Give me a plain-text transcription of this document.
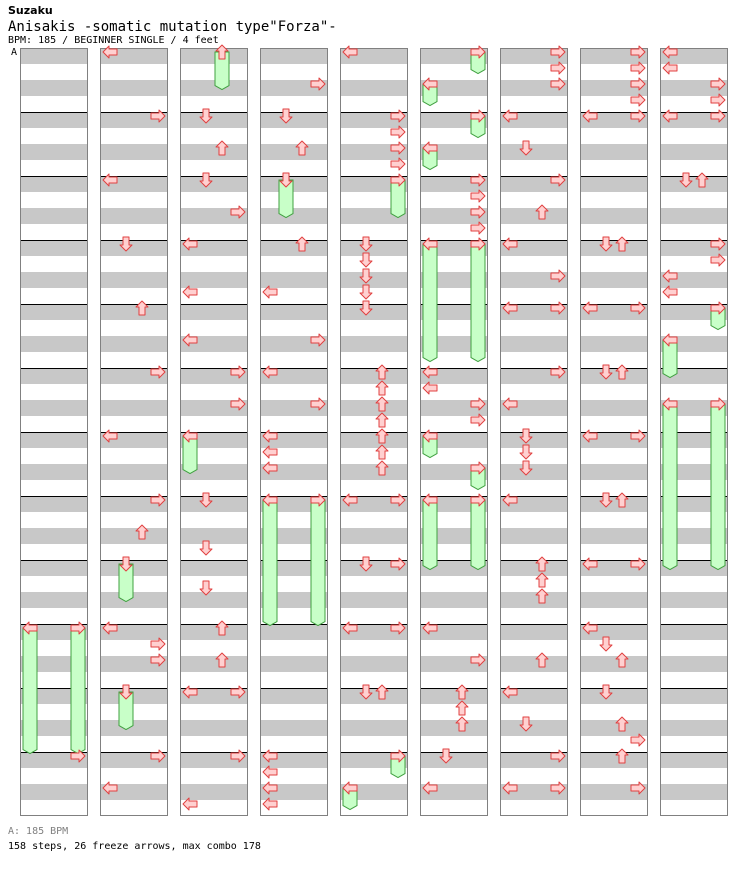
Suzaku
Anisakis -somatic mutation type"Forza"-
BPM: 185 / BEGINNER SINGLE / 4 feet
A
A: 185 BPM
158 steps, 26 freeze arrows, max combo 178
